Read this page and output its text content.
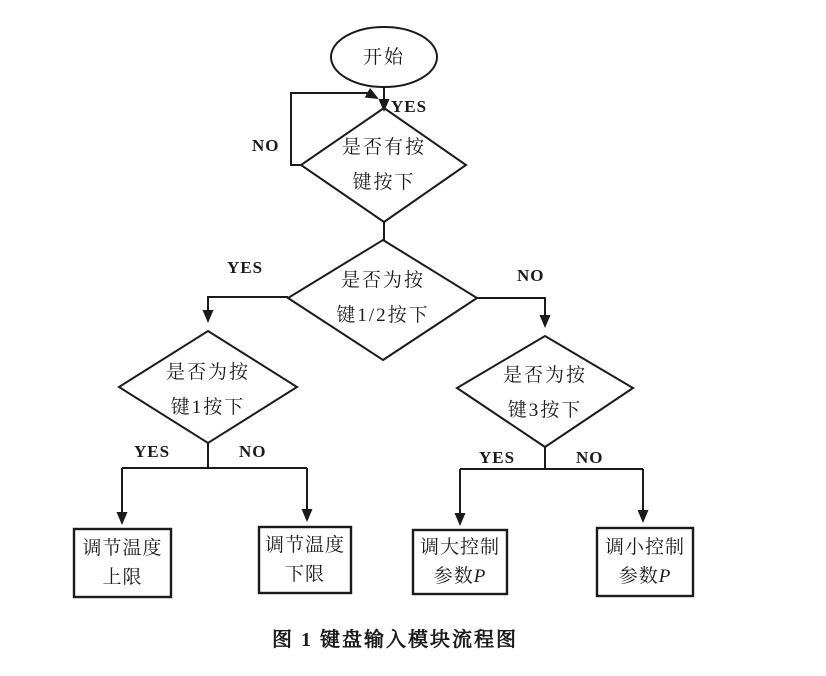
开始
是否有按
键按下
是否为按
键1/2按下
是否为按
键1按下
是否为按
键3按下
调节温度
上限
调节温度
下限
调大控制
参数P
调小控制
参数P
YES
NO
YES	NO
YES	NO	YES	NO
图 1 键盘输入模块流程图
